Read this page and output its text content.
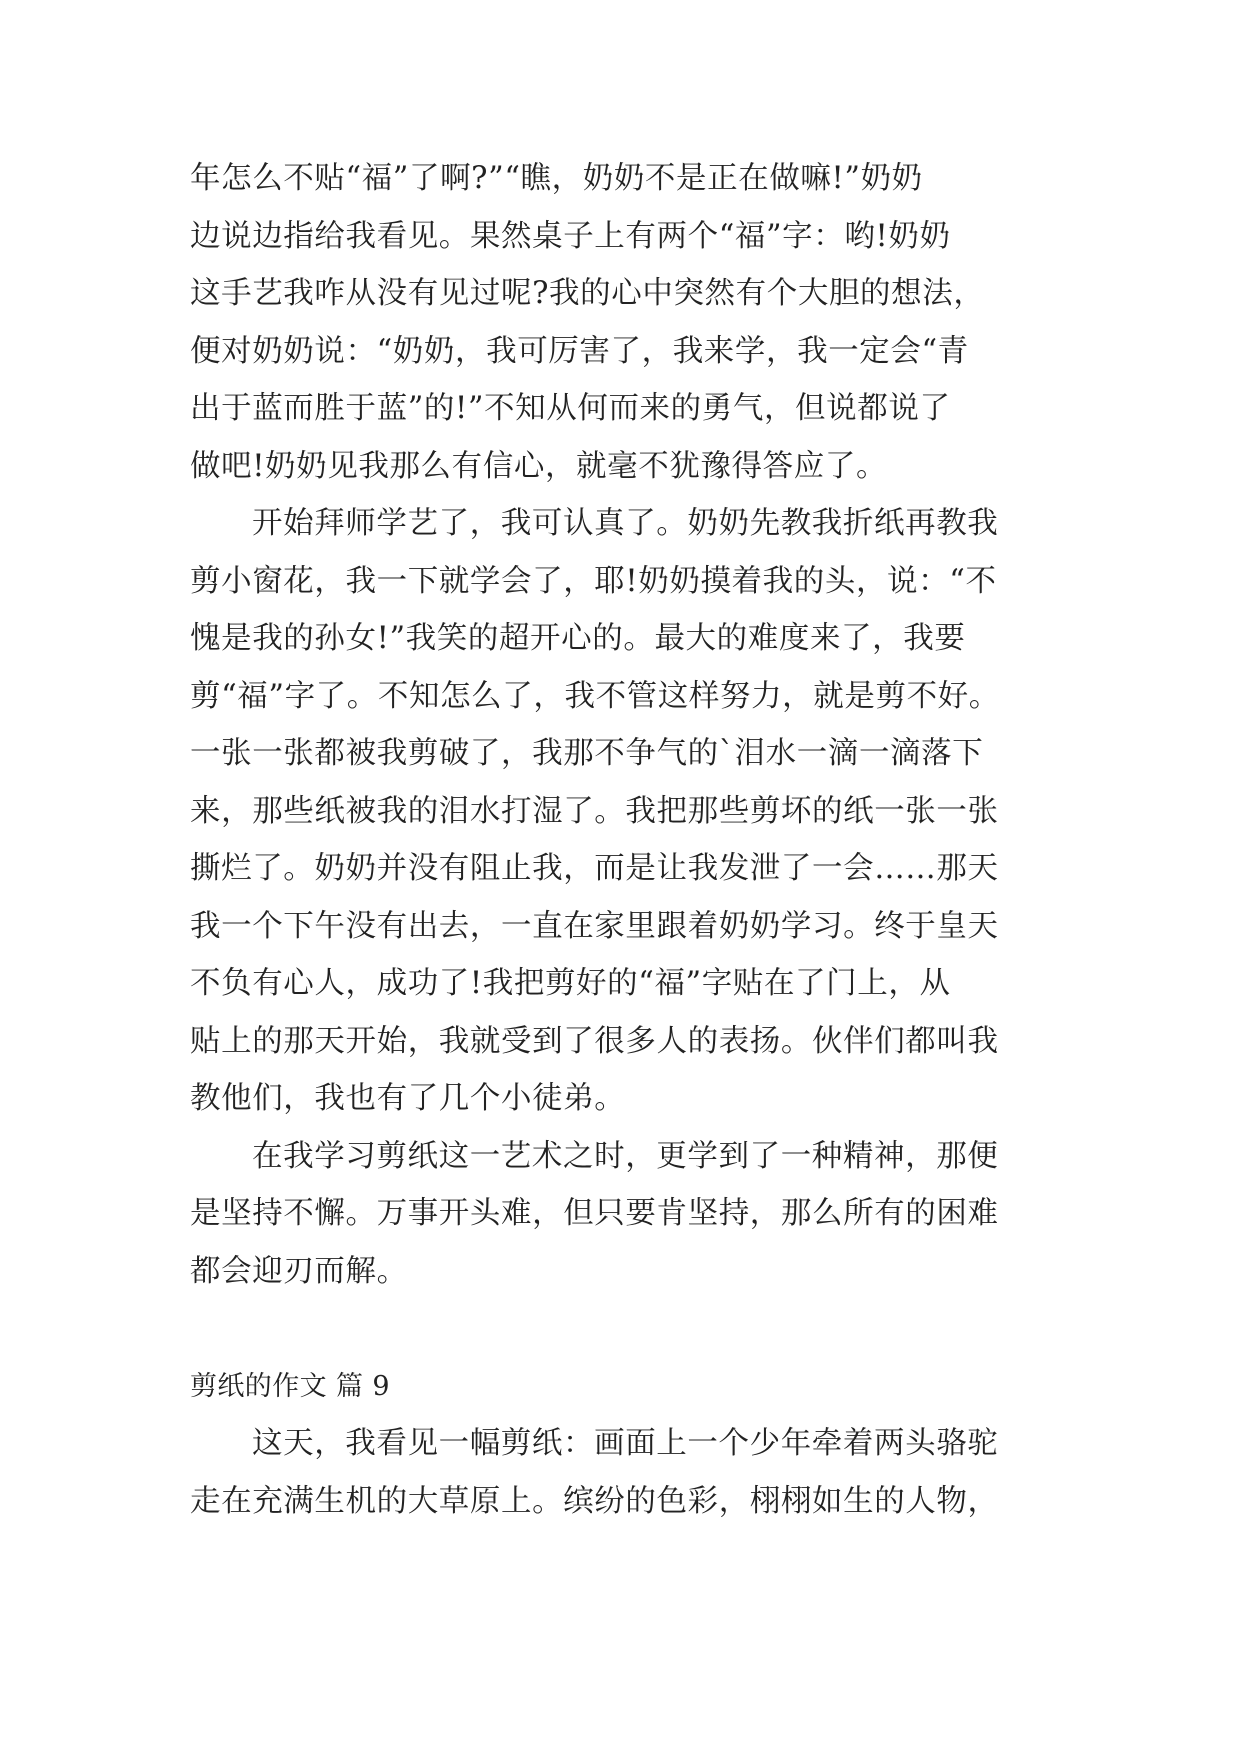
年怎么不贴“福”了啊?”“瞧，奶奶不是正在做嘛!”奶奶
边说边指给我看见。果然桌子上有两个“福”字：哟!奶奶
这手艺我咋从没有见过呢?我的心中突然有个大胆的想法，
便对奶奶说：“奶奶，我可厉害了，我来学，我一定会“青
出于蓝而胜于蓝”的!”不知从何而来的勇气，但说都说了
做吧!奶奶见我那么有信心，就毫不犹豫得答应了。
开始拜师学艺了，我可认真了。奶奶先教我折纸再教我
剪小窗花，我一下就学会了，耶!奶奶摸着我的头，说：“不
愧是我的孙女!”我笑的超开心的。最大的难度来了，我要
剪“福”字了。不知怎么了，我不管这样努力，就是剪不好。
一张一张都被我剪破了，我那不争气的`泪水一滴一滴落下
来，那些纸被我的泪水打湿了。我把那些剪坏的纸一张一张
撕烂了。奶奶并没有阻止我，而是让我发泄了一会……那天
我一个下午没有出去，一直在家里跟着奶奶学习。终于皇天
不负有心人，成功了!我把剪好的“福”字贴在了门上，从
贴上的那天开始，我就受到了很多人的表扬。伙伴们都叫我
教他们，我也有了几个小徒弟。
在我学习剪纸这一艺术之时，更学到了一种精神，那便
是坚持不懈。万事开头难，但只要肯坚持，那么所有的困难
都会迎刃而解。
剪纸的作文 篇 9
这天，我看见一幅剪纸：画面上一个少年牵着两头骆驼
走在充满生机的大草原上。缤纷的色彩，栩栩如生的人物，
